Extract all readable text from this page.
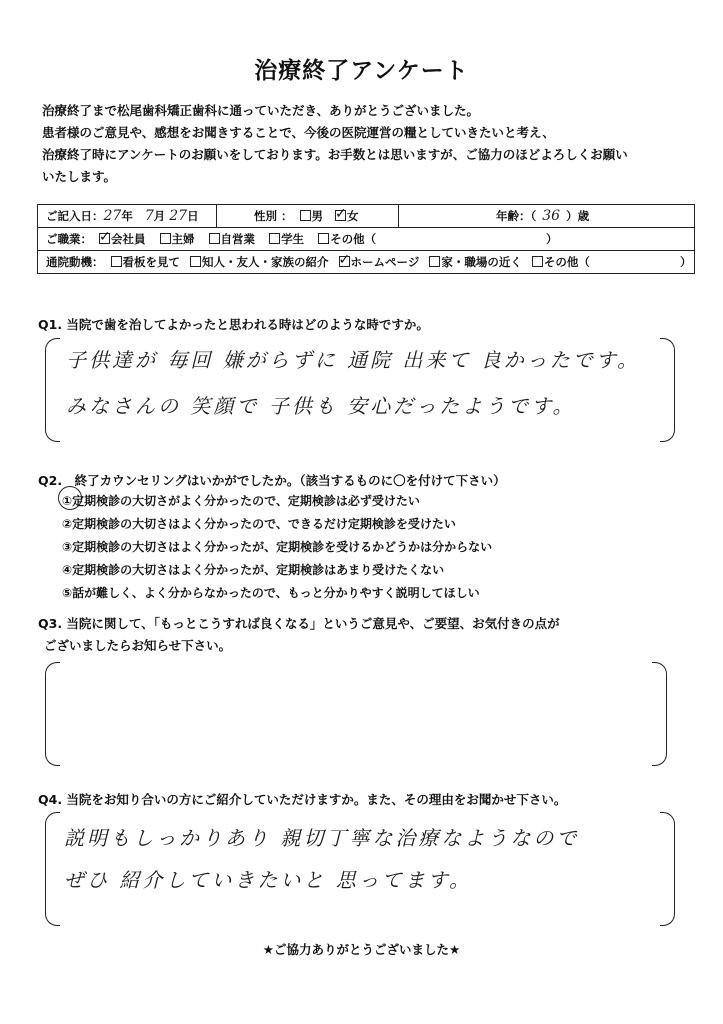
治療終了アンケート
治療終了まで松尾歯科矯正歯科に通っていただき、ありがとうございました。
患者様のご意見や、感想をお聞きすることで、今後の医院運営の糧としていきたいと考え、
治療終了時にアンケートのお願いをしております。お手数とは思いますが、ご協力のほどよろしくお願い
いたします。
ご記入日：27年 7月 27日	性別 ： 男 ✓ 女	年齢：（ 36 ）歳
ご職業： ✓ 会社員 主婦 自営業 学生 その他（	）
通院動機： 看板を見て 知人・友人・家族の紹介 ✓ ホームページ 家・職場の近く その他（	）
Q1. 当院で歯を治してよかったと思われる時はどのような時ですか。
子供達が 毎回 嫌がらずに 通院 出来て 良かったです。
みなさんの 笑顔で 子供も 安心だったようです。
Q2.　終了カウンセリングはいかがでしたか。（該当するものに〇を付けて下さい）
①定期検診の大切さがよく分かったので、定期検診は必ず受けたい
②定期検診の大切さはよく分かったので、できるだけ定期検診を受けたい
③定期検診の大切さはよく分かったが、定期検診を受けるかどうかは分からない
④定期検診の大切さはよく分かったが、定期検診はあまり受けたくない
⑤話が難しく、よく分からなかったので、もっと分かりやすく説明してほしい
Q3. 当院に関して、「もっとこうすれば良くなる」というご意見や、ご要望、お気付きの点が
ございましたらお知らせ下さい。
Q4. 当院をお知り合いの方にご紹介していただけますか。また、その理由をお聞かせ下さい。
説明もしっかりあり 親切丁寧な治療なようなので
ぜひ 紹介していきたいと 思ってます。
★ご協力ありがとうございました★
